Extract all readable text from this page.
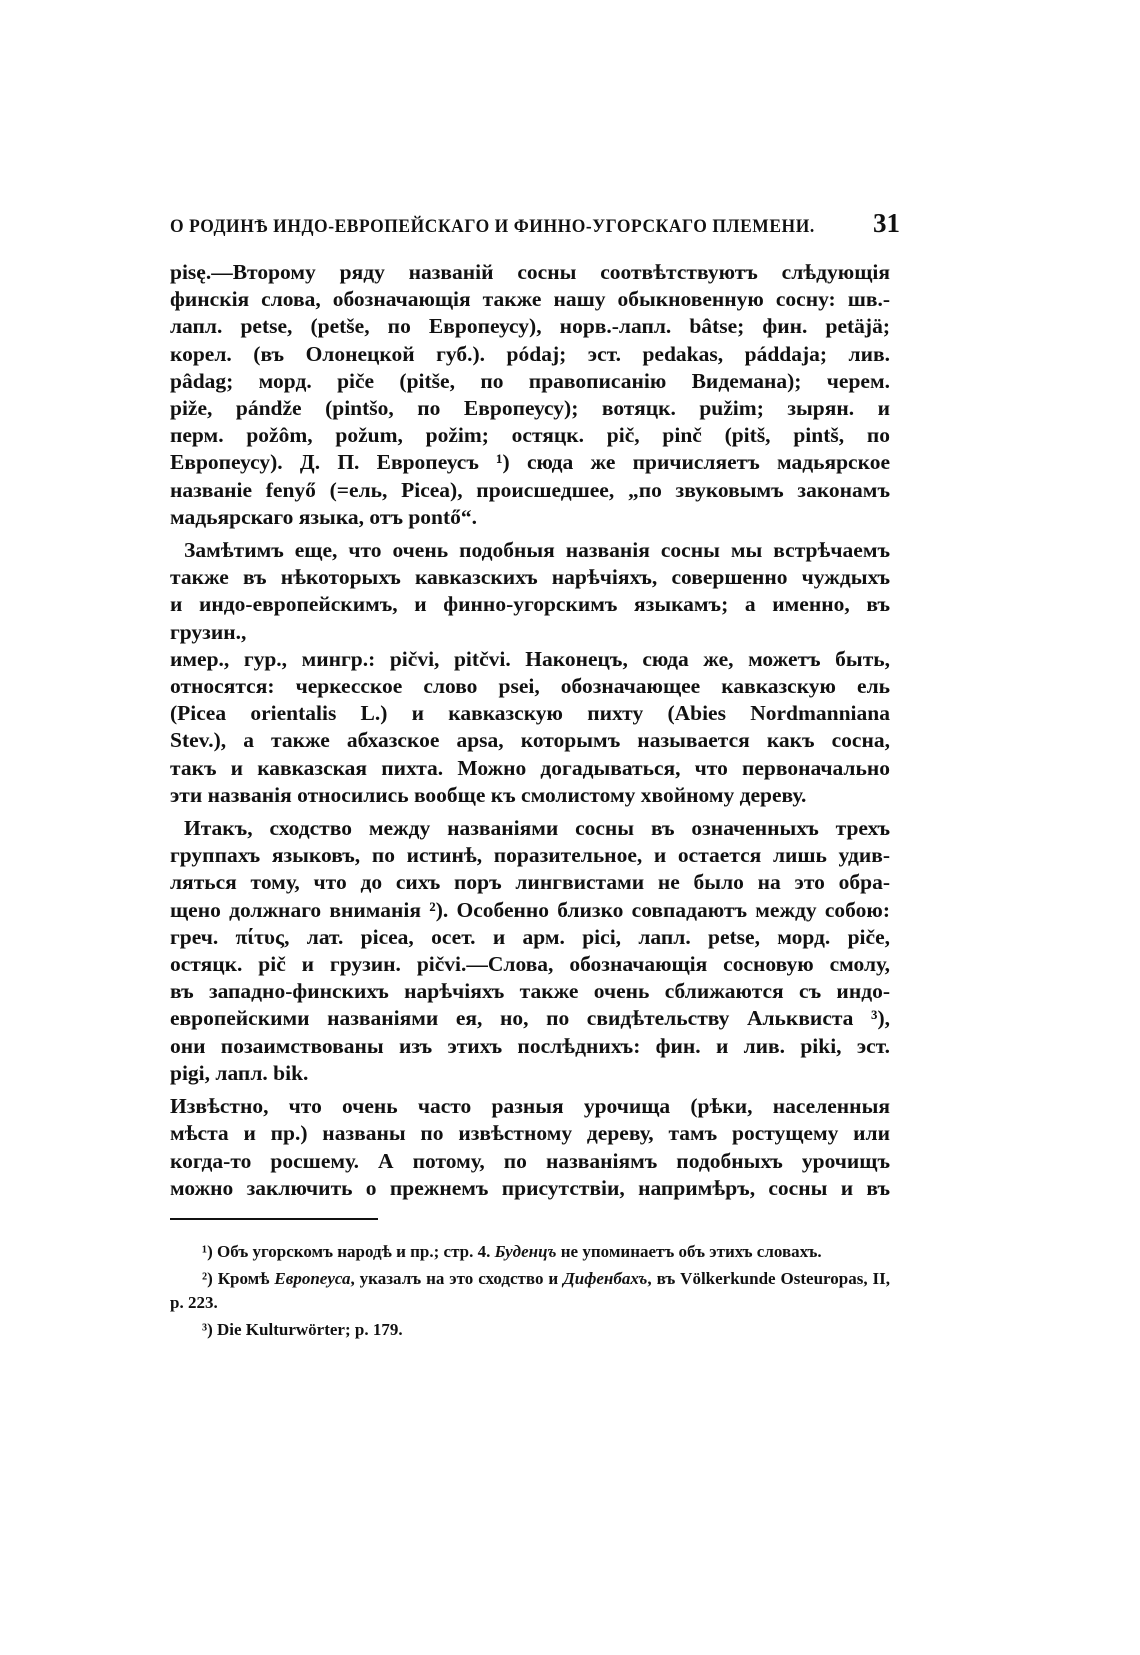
О РОДИНѢ ИНДО-ЕВРОПЕЙСКАГО И ФИННО-УГОРСКАГО ПЛЕМЕНИ. 31

pisę.—Второму ряду названій сосны соотвѣтствуютъ слѣдующія

финскія слова, обозначающія также нашу обыкновенную сосну: шв.-

лапл. petse, (petše, по Европеусу), норв.-лапл. bâtse; фин. petäjä;

корел. (въ Олонецкой губ.). pódaj; эст. pedakas, páddaja; лив.

pâdag; морд. piče (pitše, по правописанію Видемана); черем.

piže, pándže (pintšo, по Европеусу); вотяцк. pužim; зырян. и

перм. požôm, požum, požim; остяцк. pič, pinč (pitš, pintš, по

Европеусу). Д. П. Европеусъ ¹) сюда же причисляетъ мадьярское

названіе fenyő (=ель, Picea), происшедшее, „по звуковымъ законамъ

мадьярскаго языка, отъ pontő“.

Замѣтимъ еще, что очень подобныя названія сосны мы встрѣчаемъ

также въ нѣкоторыхъ кавказскихъ нарѣчіяхъ, совершенно чуждыхъ

и индо-европейскимъ, и финно-угорскимъ языкамъ; а именно, въ грузин.,

имер., гур., мингр.: pičvi, pitčvi. Наконецъ, сюда же, можетъ быть,

относятся: черкесское слово psei, обозначающее кавказскую ель

(Picea orientalis L.) и кавказскую пихту (Abies Nordmanniana

Stev.), а также абхазское apsa, которымъ называется какъ сосна,

такъ и кавказская пихта. Можно догадываться, что первоначально

эти названія относились вообще къ смолистому хвойному дереву.

Итакъ, сходство между названіями сосны въ означенныхъ трехъ

группахъ языковъ, по истинѣ, поразительное, и остается лишь удив-

ляться тому, что до сихъ поръ лингвистами не было на это обра-

щено должнаго вниманія ²). Особенно близко совпадаютъ между собою:

греч. πίτυς, лат. picea, осет. и арм. pici, лапл. petse, морд. piče,

остяцк. pič и грузин. pičvi.—Слова, обозначающія сосновую смолу,

въ западно-финскихъ нарѣчіяхъ также очень сближаются съ индо-

европейскими названіями ея, но, по свидѣтельству Альквиста ³),

они позаимствованы изъ этихъ послѣднихъ: фин. и лив. piki, эст.

pigi, лапл. bik.

Извѣстно, что очень часто разныя урочища (рѣки, населенныя

мѣста и пр.) названы по извѣстному дереву, тамъ ростущему или

когда-то росшему. А потому, по названіямъ подобныхъ урочищъ

можно заключить о прежнемъ присутствіи, напримѣръ, сосны и въ

¹) Объ угорскомъ народѣ и пр.; стр. 4. Буденцъ не упоминаетъ объ этихъ словахъ.

²) Кромѣ Европеуса, указалъ на это сходство и Дифенбахъ, въ Völkerkunde Osteuropas, II, p. 223.

³) Die Kulturwörter; p. 179.
